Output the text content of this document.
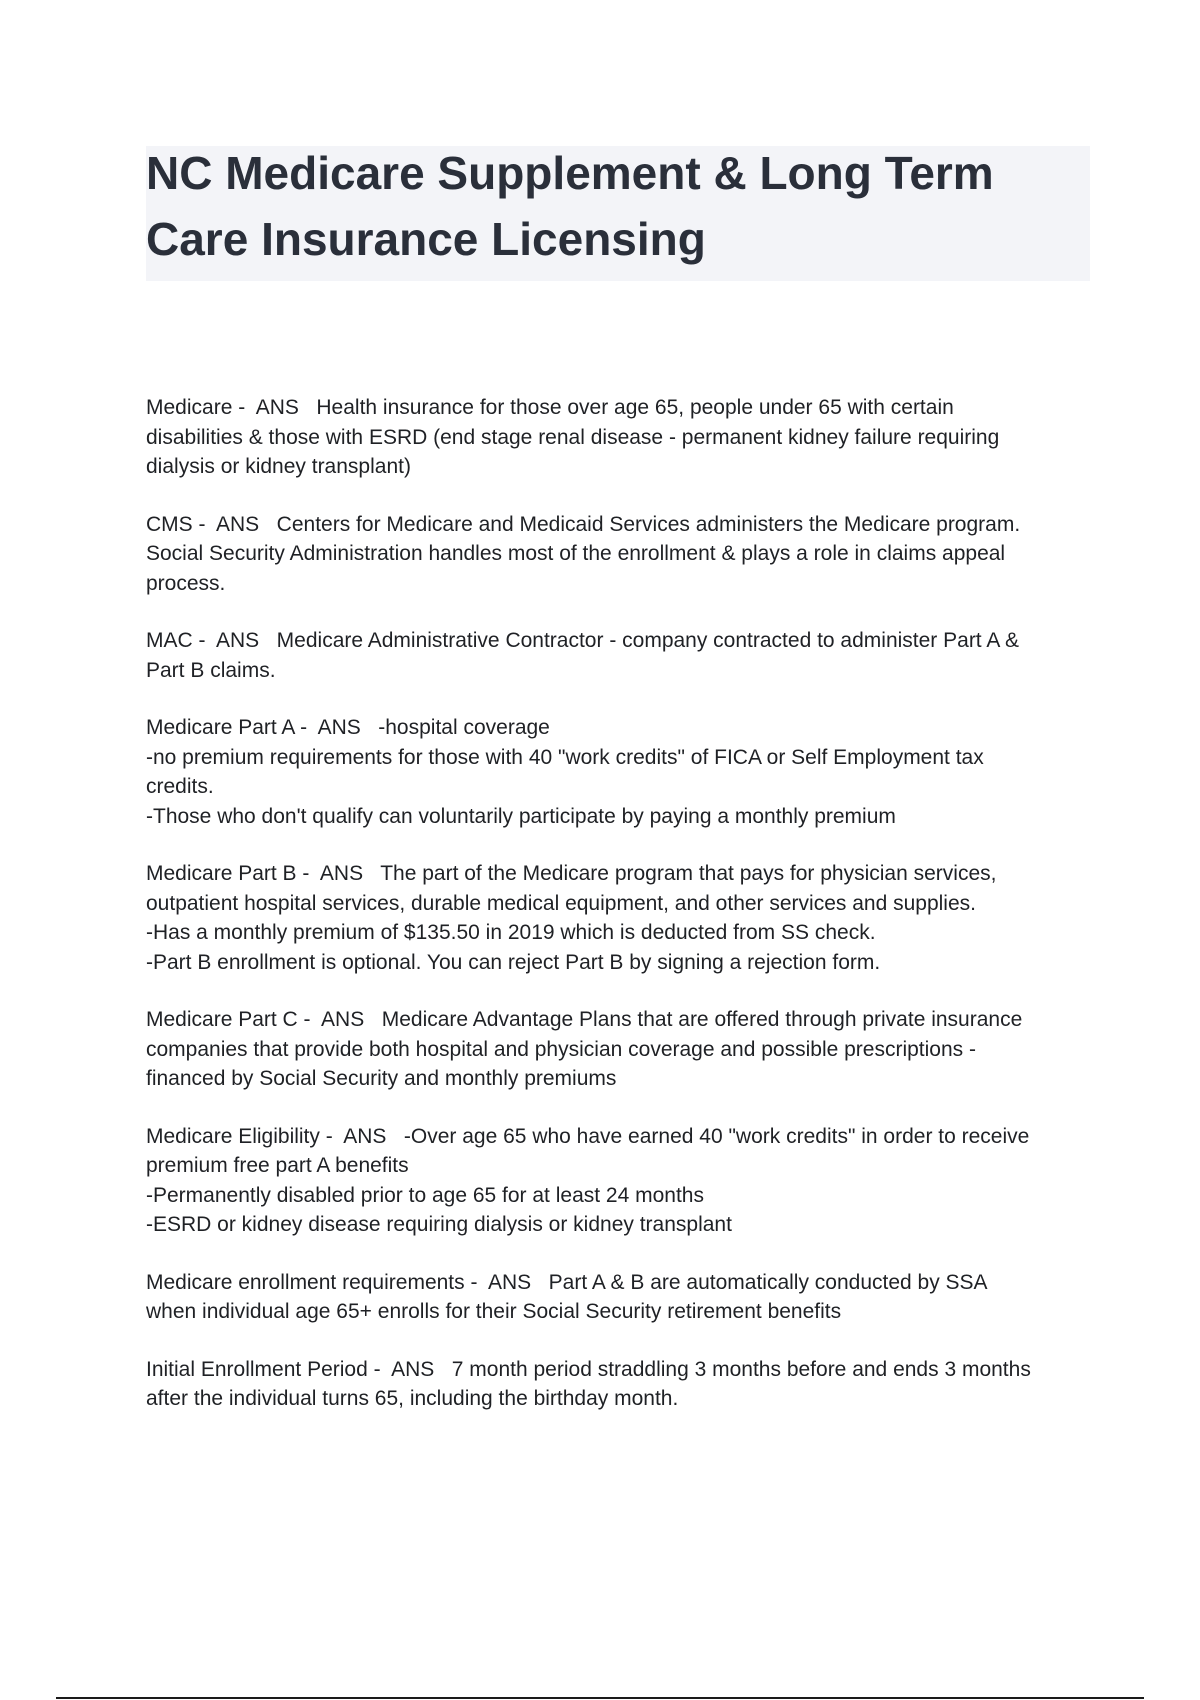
NC Medicare Supplement & Long Term
Care Insurance Licensing
Medicare -  ANS   Health insurance for those over age 65, people under 65 with certain
disabilities & those with ESRD (end stage renal disease - permanent kidney failure requiring
dialysis or kidney transplant)
CMS -  ANS   Centers for Medicare and Medicaid Services administers the Medicare program.
Social Security Administration handles most of the enrollment & plays a role in claims appeal
process.
MAC -  ANS   Medicare Administrative Contractor - company contracted to administer Part A &
Part B claims.
Medicare Part A -  ANS   -hospital coverage
-no premium requirements for those with 40 "work credits" of FICA or Self Employment tax
credits.
-Those who don't qualify can voluntarily participate by paying a monthly premium
Medicare Part B -  ANS   The part of the Medicare program that pays for physician services,
outpatient hospital services, durable medical equipment, and other services and supplies.
-Has a monthly premium of $135.50 in 2019 which is deducted from SS check.
-Part B enrollment is optional. You can reject Part B by signing a rejection form.
Medicare Part C -  ANS   Medicare Advantage Plans that are offered through private insurance
companies that provide both hospital and physician coverage and possible prescriptions -
financed by Social Security and monthly premiums
Medicare Eligibility -  ANS   -Over age 65 who have earned 40 "work credits" in order to receive
premium free part A benefits
-Permanently disabled prior to age 65 for at least 24 months
-ESRD or kidney disease requiring dialysis or kidney transplant
Medicare enrollment requirements -  ANS   Part A & B are automatically conducted by SSA
when individual age 65+ enrolls for their Social Security retirement benefits
Initial Enrollment Period -  ANS   7 month period straddling 3 months before and ends 3 months
after the individual turns 65, including the birthday month.
